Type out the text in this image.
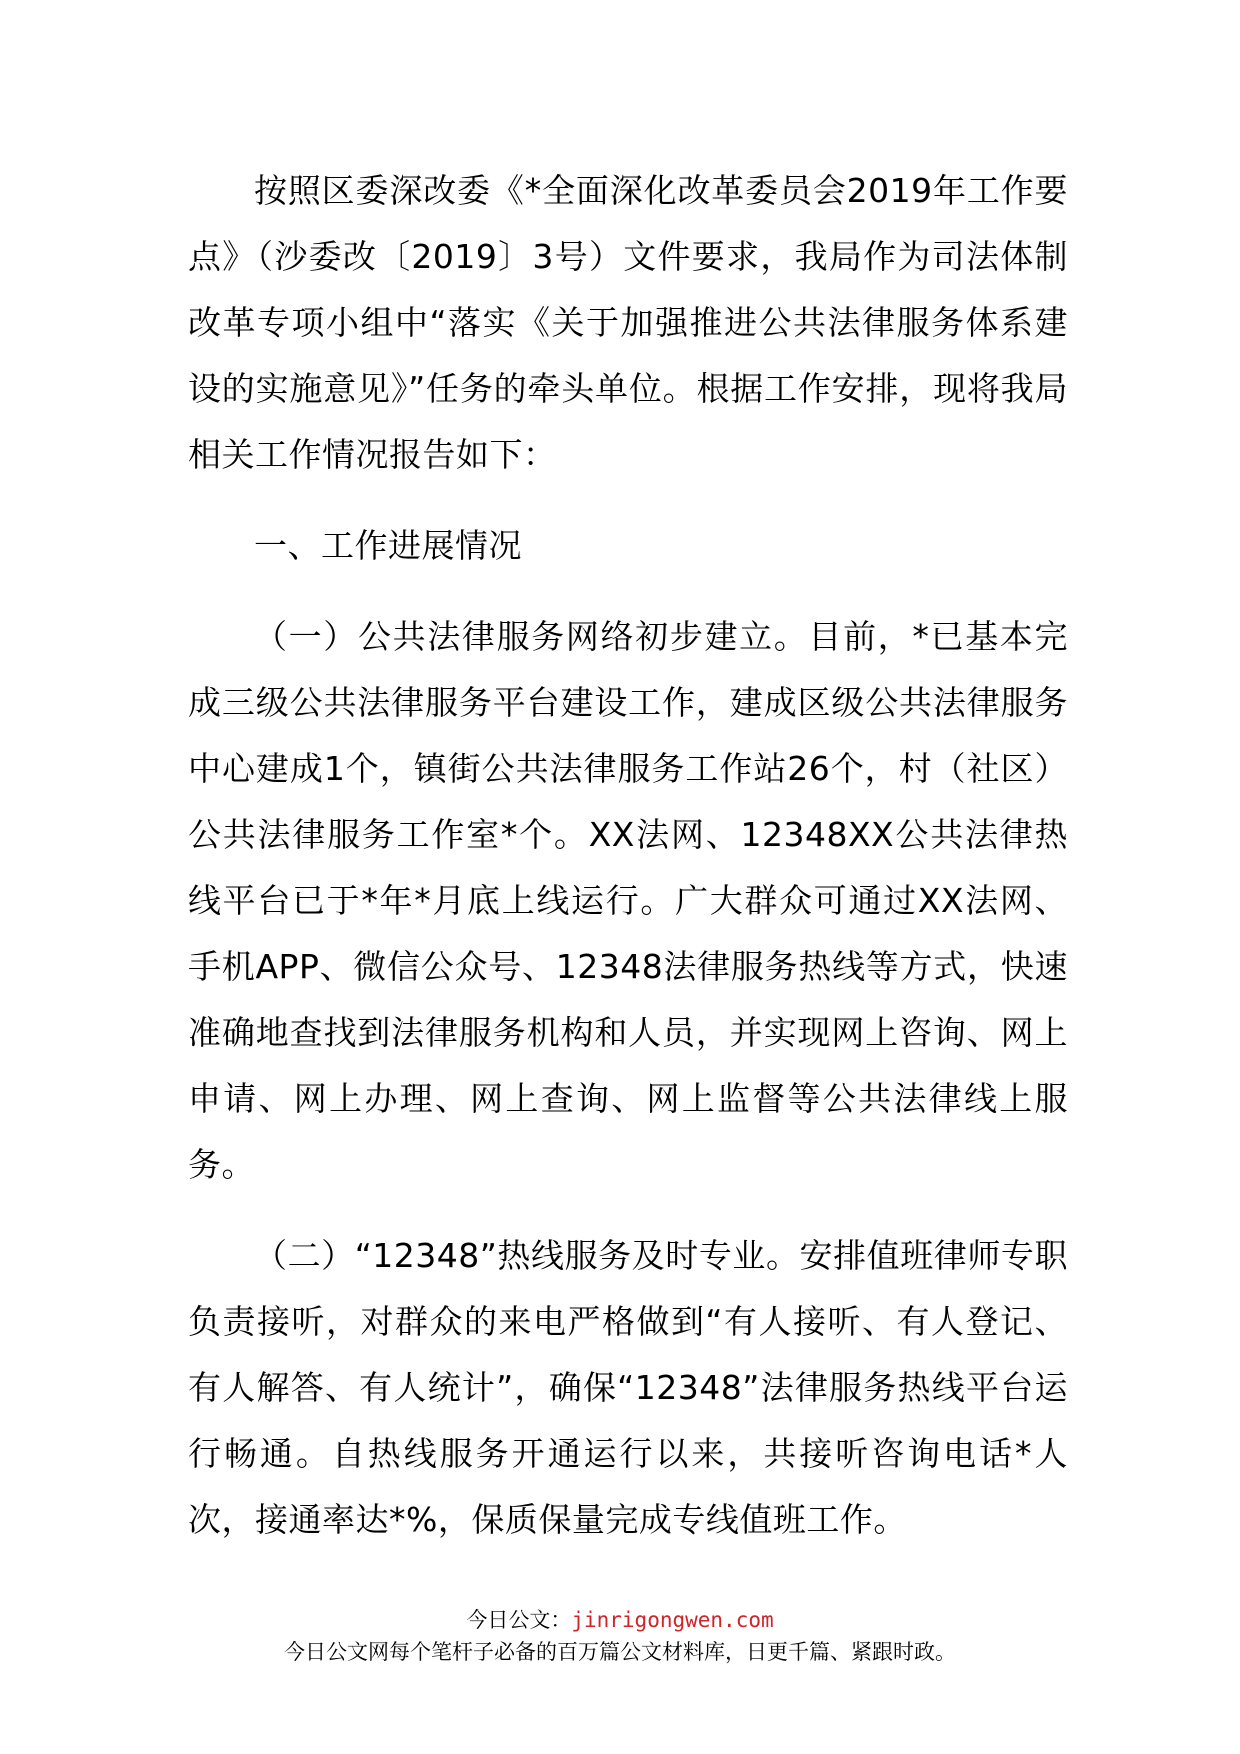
按照区委深改委《*全面深化改革委员会2019年工作要点》（沙委改〔2019〕3号）文件要求，我局作为司法体制改革专项小组中“落实《关于加强推进公共法律服务体系建设的实施意见》”任务的牵头单位。根据工作安排，现将我局相关工作情况报告如下：

一、工作进展情况

（一）公共法律服务网络初步建立。目前，*已基本完成三级公共法律服务平台建设工作，建成区级公共法律服务中心建成1个，镇街公共法律服务工作站26个，村（社区）公共法律服务工作室*个。XX法网、12348XX公共法律热线平台已于*年*月底上线运行。广大群众可通过XX法网、手机APP、微信公众号、12348法律服务热线等方式，快速准确地查找到法律服务机构和人员，并实现网上咨询、网上申请、网上办理、网上查询、网上监督等公共法律线上服务。

（二）“12348”热线服务及时专业。安排值班律师专职负责接听，对群众的来电严格做到“有人接听、有人登记、有人解答、有人统计”，确保“12348”法律服务热线平台运行畅通。自热线服务开通运行以来，共接听咨询电话*人次，接通率达*%，保质保量完成专线值班工作。

今日公文：jinrigongwen.com
今日公文网每个笔杆子必备的百万篇公文材料库，日更千篇、紧跟时政。
